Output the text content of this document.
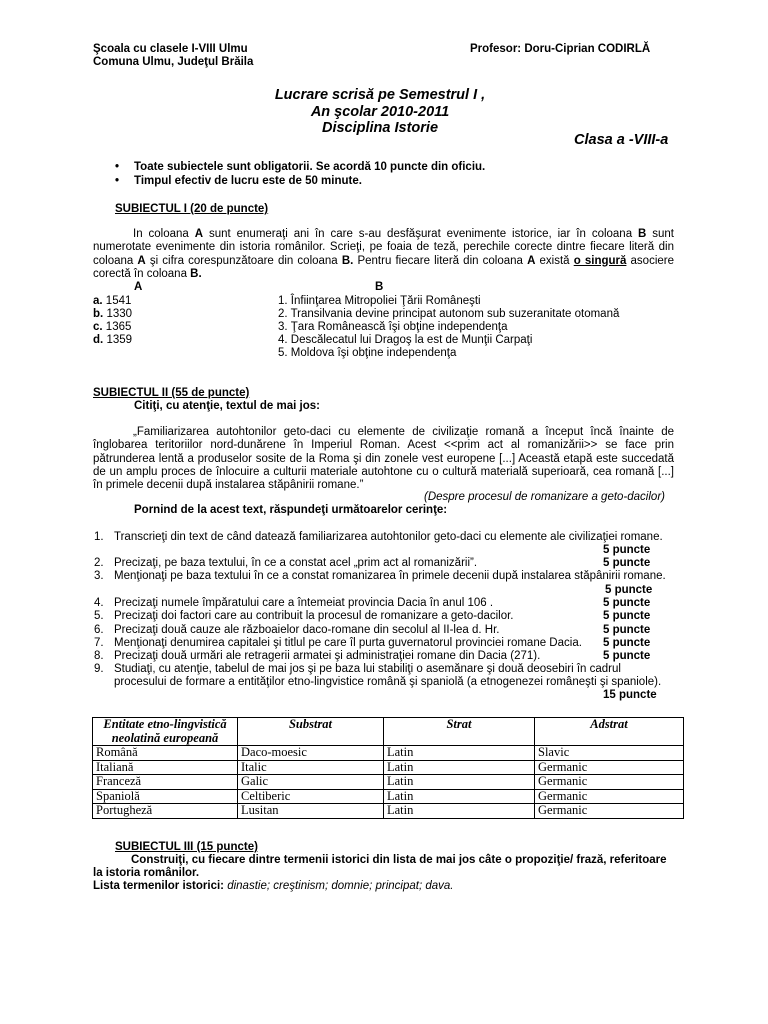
Şcoala cu clasele I-VIII Ulmu
Comuna Ulmu, Judeţul Brăila
Profesor: Doru-Ciprian CODIRLĂ
Lucrare scrisă pe Semestrul I ,
An şcolar 2010-2011
Disciplina Istorie
Clasa a -VIII-a
• Toate subiectele sunt obligatorii. Se acordă 10 puncte din oficiu.
• Timpul efectiv de lucru este de 50 minute.
SUBIECTUL I (20 de puncte)
In coloana A sunt enumeraţi ani în care s-au desfăşurat evenimente istorice, iar în coloana B sunt numerotate evenimente din istoria românilor. Scrieţi, pe foaia de teză, perechile corecte dintre fiecare literă din coloana A şi cifra corespunzătoare din coloana B. Pentru fiecare literă din coloana A există o singură asociere corectă în coloana B.
A	B
a. 1541	1. Înfiinţarea Mitropoliei Ţării Româneşti
b. 1330	2. Transilvania devine principat autonom sub suzeranitate otomană
c. 1365	3. Ţara Românească îşi obţine independenţa
d. 1359	4. Descălecatul lui Dragoş la est de Munţii Carpaţi
5. Moldova îşi obţine independenţa
SUBIECTUL II (55 de puncte)
Citiţi, cu atenţie, textul de mai jos:
„Familiarizarea autohtonilor geto-daci cu elemente de civilizaţie romană a început încă înainte de înglobarea teritoriilor nord-dunărene în Imperiul Roman. Acest <<prim act al romanizării>> se face prin pătrunderea lentă a produselor sosite de la Roma şi din zonele vest europene [...] Această etapă este succedată de un amplu proces de înlocuire a culturii materiale autohtone cu o cultură materială superioară, cea romană [...] în primele decenii după instalarea stăpânirii romane.”
(Despre procesul de romanizare a geto-dacilor)
Pornind de la acest text, răspundeţi următoarelor cerinţe:
1. Transcrieţi din text de când datează familiarizarea autohtonilor geto-daci cu elemente ale civilizaţiei romane.
5 puncte
2. Precizaţi, pe baza textului, în ce a constat acel „prim act al romanizării”.	5 puncte
3. Menţionaţi pe baza textului în ce a constat romanizarea în primele decenii după instalarea stăpânirii romane.
5 puncte
4. Precizaţi numele împăratului care a întemeiat provincia Dacia în anul 106 .	5 puncte
5. Precizaţi doi factori care au contribuit la procesul de romanizare a geto-dacilor.	5 puncte
6. Precizaţi două cauze ale războaielor daco-romane din secolul al II-lea d. Hr.	5 puncte
7. Menţionaţi denumirea capitalei şi titlul pe care îl purta guvernatorul provinciei romane Dacia.	5 puncte
8. Precizaţi două urmări ale retragerii armatei şi administraţiei romane din Dacia (271).	5 puncte
9. Studiaţi, cu atenţie, tabelul de mai jos şi pe baza lui stabiliţi o asemănare şi două deosebiri în cadrul
procesului de formare a entităţilor etno-lingvistice română şi spaniolă (a etnogenezei româneşti şi spaniole).
15 puncte
Entitate etno-lingvistică neolatină europeană	Substrat	Strat	Adstrat
Română	Daco-moesic	Latin	Slavic
Italiană	Italic	Latin	Germanic
Franceză	Galic	Latin	Germanic
Spaniolă	Celtiberic	Latin	Germanic
Portugheză	Lusitan	Latin	Germanic
SUBIECTUL III (15 puncte)
Construiţi, cu fiecare dintre termenii istorici din lista de mai jos câte o propoziţie/ frază, referitoare la istoria românilor.
Lista termenilor istorici: dinastie; creştinism; domnie; principat; dava.
